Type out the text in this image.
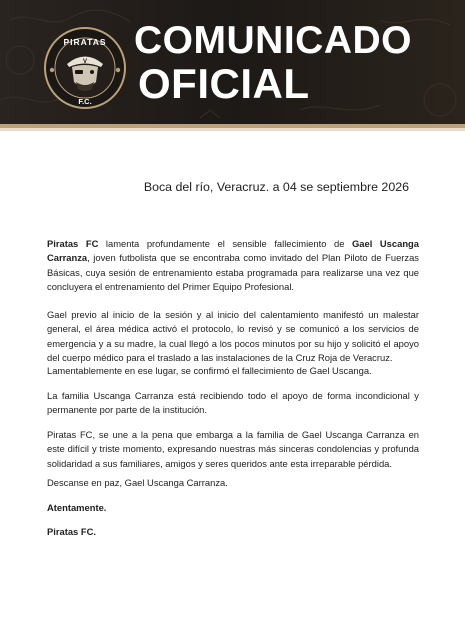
V
PIRATAS
F.C.
COMUNICADO
OFICIAL
Boca del río, Veracruz. a 04 se septiembre 2026

Piratas FC lamenta profundamente el sensible fallecimiento de Gael Uscanga Carranza, joven futbolista que se encontraba como invitado del Plan Piloto de Fuerzas Básicas, cuya sesión de entrenamiento estaba programada para realizarse una vez que concluyera el entrenamiento del Primer Equipo Profesional.

Gael previo al inicio de la sesión y al inicio del calentamiento manifestó un malestar general, el área médica activó el protocolo, lo revisó y se comunicó a los servicios de emergencia y a su madre, la cual llegó a los pocos minutos por su hijo y solicitó el apoyo del cuerpo médico para el traslado a las instalaciones de la Cruz Roja de Veracruz.

Lamentablemente en ese lugar, se confirmó el fallecimiento de Gael Uscanga.

La familia Uscanga Carranza está recibiendo todo el apoyo de forma incondicional y permanente por parte de la institución.

Piratas FC, se une a la pena que embarga a la familia de Gael Uscanga Carranza en este difícil y triste momento, expresando nuestras más sinceras condolencias y profunda solidaridad a sus familiares, amigos y seres queridos ante esta irreparable pérdida.

Descanse en paz, Gael Uscanga Carranza.

Atentamente.

Piratas FC.
